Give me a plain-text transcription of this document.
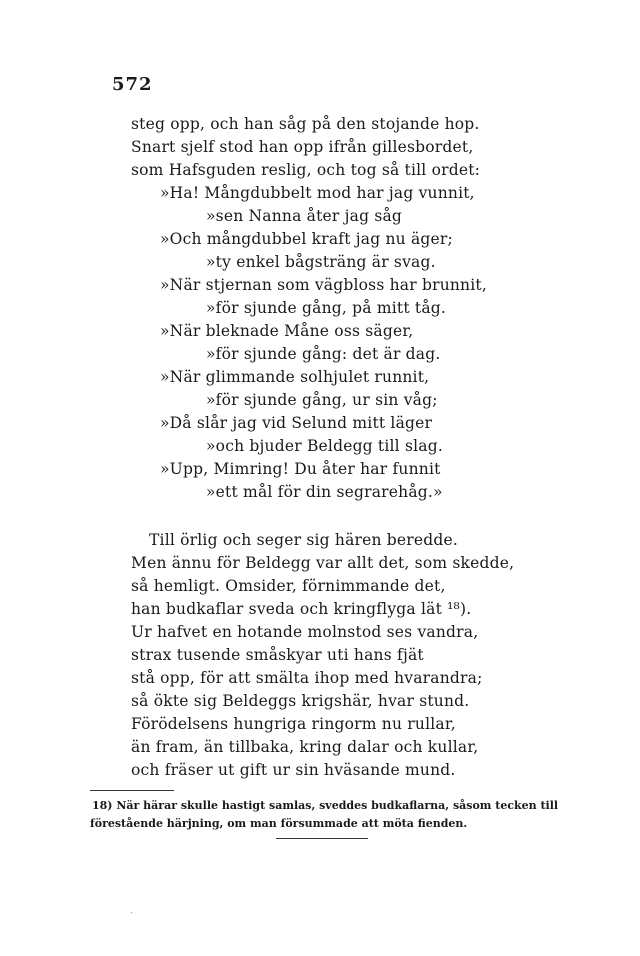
572
steg opp, och han såg på den stojande hop.
Snart sjelf stod han opp ifrån gillesbordet,
som Hafsguden reslig, och tog så till ordet:
»Ha! Mångdubbelt mod har jag vunnit,
»sen Nanna åter jag såg
»Och mångdubbel kraft jag nu äger;
»ty enkel bågsträng är svag.
»När stjernan som vägbloss har brunnit,
»för sjunde gång, på mitt tåg.
»När bleknade Måne oss säger,
»för sjunde gång: det är dag.
»När glimmande solhjulet runnit,
»för sjunde gång, ur sin våg;
»Då slår jag vid Selund mitt läger
»och bjuder Beldegg till slag.
»Upp, Mimring! Du åter har funnit
»ett mål för din segrarehåg.»
Till örlig och seger sig hären beredde.
Men ännu för Beldegg var allt det, som skedde,
så hemligt. Omsider, förnimmande det,
han budkaflar sveda och kringflyga lät ¹⁸).
Ur hafvet en hotande molnstod ses vandra,
strax tusende småskyar uti hans fjät
stå opp, för att smälta ihop med hvarandra;
så ökte sig Beldeggs krigshär, hvar stund.
Förödelsens hungriga ringorm nu rullar,
än fram, än tillbaka, kring dalar och kullar,
och fräser ut gift ur sin hväsande mund.
18) När härar skulle hastigt samlas, sveddes budkaflarna, såsom tecken till
förestående härjning, om man försummade att möta fienden.
ˏ
